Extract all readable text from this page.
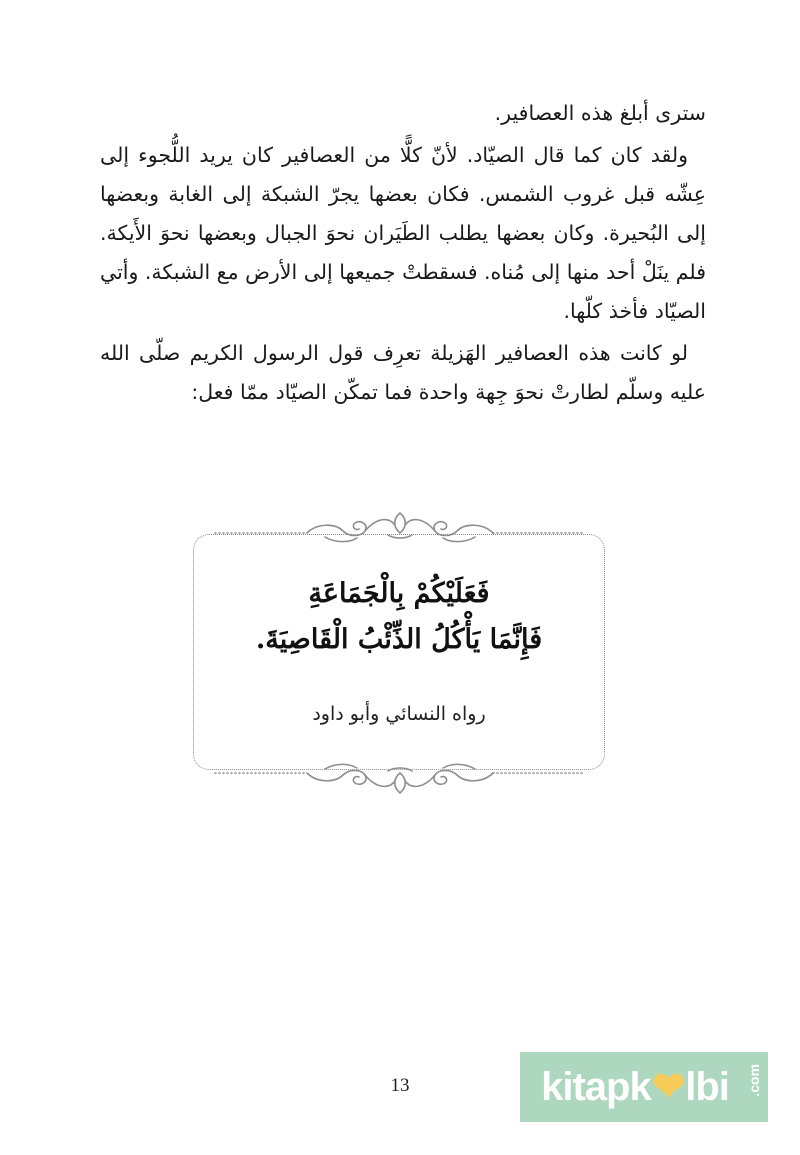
سترى أبلغ هذه العصافير.

ولقد كان كما قال الصيّاد. لأنّ كلًّا من العصافير كان يريد اللُّجوء إلى عِشّه قبل غروب الشمس. فكان بعضها يجرّ الشبكة إلى الغابة وبعضها إلى البُحيرة. وكان بعضها يطلب الطَيَران نحوَ الجبال وبعضها نحوَ الأَيكة. فلم ينَلْ أحد منها إلى مُناه. فسقطتْ جميعها إلى الأرض مع الشبكة. وأتي الصيّاد فأخذ كلّها.

لو كانت هذه العصافير الهَزيلة تعرِف قول الرسول الكريم صلّى الله عليه وسلّم لطارتْ نحوَ جِهة واحدة فما تمكّن الصيّاد ممّا فعل:

فَعَلَيْكُمْ بِالْجَمَاعَةِ
فَإِنَّمَا يَأْكُلُ الذِّئْبُ الْقَاصِيَةَ.
رواه النسائي وأبو داود
13	kitapk ❤ lbi .com
